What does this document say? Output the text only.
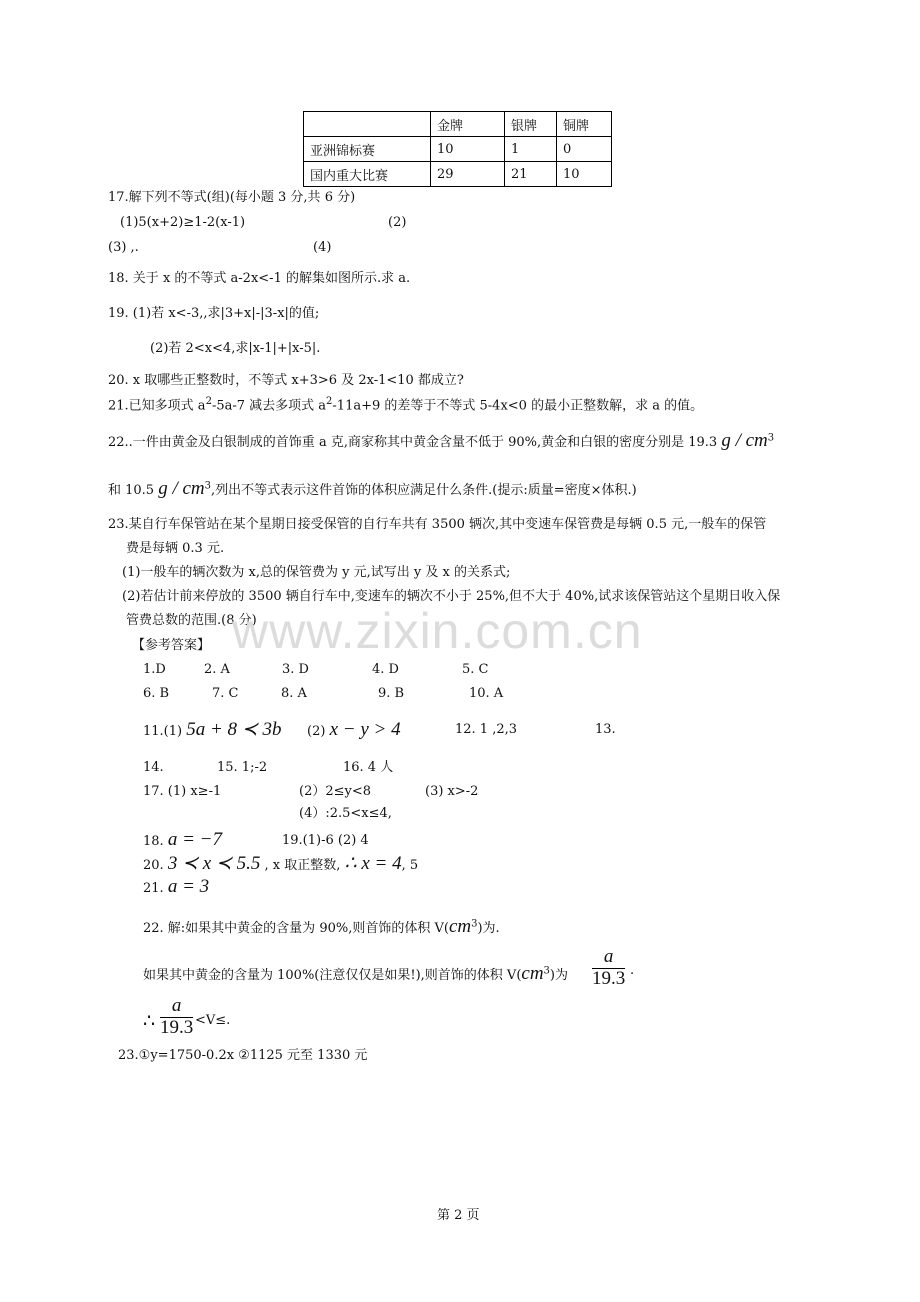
	金牌	银牌	铜牌
亚洲锦标赛	10	1	0
国内重大比赛	29	21	10
17.解下列不等式(组)(每小题 3 分,共 6 分)
(1)5(x+2)≥1-2(x-1)	(2)
(3) ,.	(4)
18. 关于 x 的不等式 a-2x<-1 的解集如图所示.求 a.
19. (1)若 x<-3,,求|3+x|-|3-x|的值;
(2)若 2<x<4,求|x-1|+|x-5|.
20. x 取哪些正整数时，不等式 x+3>6 及 2x-1<10 都成立?
21.已知多项式 $a^2-5a-7$ 减去多项式 $a^2-11a+9$ 的差等于不等式 5-4x<0 的最小正整数解，求 a 的值。
22..一件由黄金及白银制成的首饰重 a 克,商家称其中黄金含量不低于 90%,黄金和白银的密度分别是 19.3 g / $cm^3$
和 10.5 g / $cm^3$,列出不等式表示这件首饰的体积应满足什么条件.(提示:质量=密度×体积.)
23.某自行车保管站在某个星期日接受保管的自行车共有 3500 辆次,其中变速车保管费是每辆 0.5 元,一般车的保管
费是每辆 0.3 元.
(1)一般车的辆次数为 x,总的保管费为 y 元,试写出 y 及 x 的关系式;
(2)若估计前来停放的 3500 辆自行车中,变速车的辆次不小于 25%,但不大于 40%,试求该保管站这个星期日收入保
管费总数的范围.(8 分)
www.zixin.com.cn
【参考答案】
1.D	2. A	3. D	4. D	5. C
6. B	7. C	8. A	9. B	10. A
11.(1) 5a + 8 ≺ 3b (2) x − y > 4	12. 1 ,2,3	13.
14.	15. 1;-2	16. 4 人
17. (1) x≥-1	(2）2≤y<8	(3) x>-2
(4）:2.5<x≤4,
18. a = −7	19.(1)-6 (2) 4
20. 3 ≺ x ≺ 5.5 , x 取正整数, ∴ x = 4, 5
21. a = 3
22. 解:如果其中黄金的含量为 90%,则首饰的体积 $V(cm^3)$为.
如果其中黄金的含量为 100%(注意仅仅是如果!),则首饰的体积 $V(cm^3)$为 $\frac{a}{19.3}$ .
∴ $\frac{a}{19.3} <V\le$.
23.①y=1750-0.2x ②1125 元至 1330 元
第 2 页
